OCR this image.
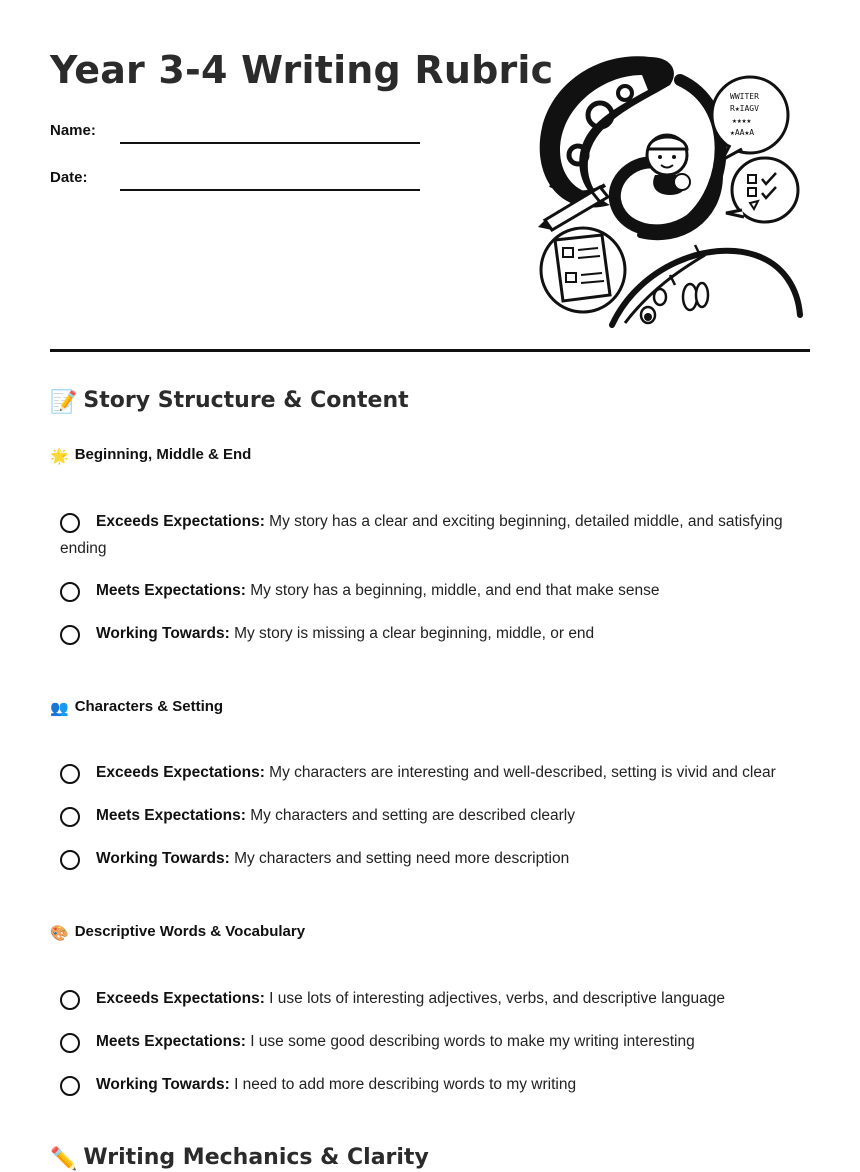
Year 3-4 Writing Rubric
Name:
Date:
WWITER
R★IAGV
★★★★
★AA★A
📝 Story Structure & Content
🌟 Beginning, Middle & End
Exceeds Expectations: My story has a clear and exciting beginning, detailed middle, and satisfying ending
Meets Expectations: My story has a beginning, middle, and end that make sense
Working Towards: My story is missing a clear beginning, middle, or end
👥 Characters & Setting
Exceeds Expectations: My characters are interesting and well-described, setting is vivid and clear
Meets Expectations: My characters and setting are described clearly
Working Towards: My characters and setting need more description
🎨 Descriptive Words & Vocabulary
Exceeds Expectations: I use lots of interesting adjectives, verbs, and descriptive language
Meets Expectations: I use some good describing words to make my writing interesting
Working Towards: I need to add more describing words to my writing
✏️ Writing Mechanics & Clarity
